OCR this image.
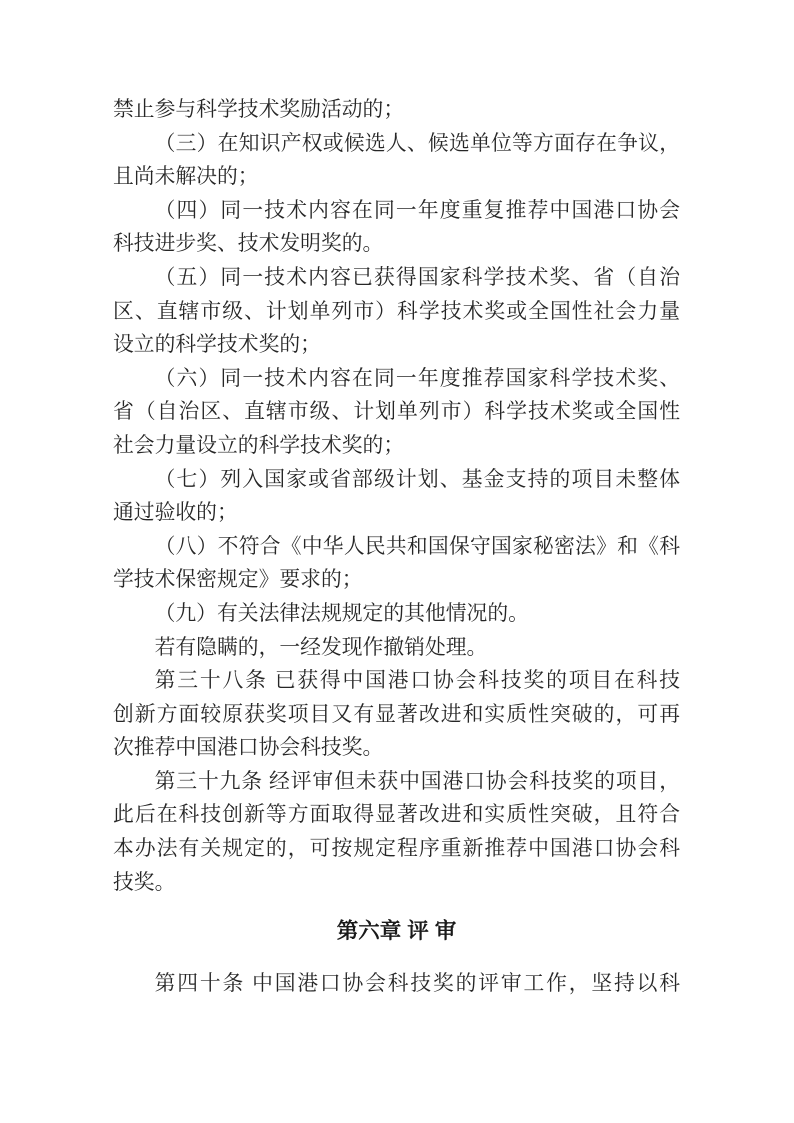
禁止参与科学技术奖励活动的；
（三）在知识产权或候选人、候选单位等方面存在争议，
且尚未解决的；
（四）同一技术内容在同一年度重复推荐中国港口协会
科技进步奖、技术发明奖的。
（五）同一技术内容已获得国家科学技术奖、省（自治
区、直辖市级、计划单列市）科学技术奖或全国性社会力量
设立的科学技术奖的；
（六）同一技术内容在同一年度推荐国家科学技术奖、
省（自治区、直辖市级、计划单列市）科学技术奖或全国性
社会力量设立的科学技术奖的；
（七）列入国家或省部级计划、基金支持的项目未整体
通过验收的；
（八）不符合《中华人民共和国保守国家秘密法》和《科
学技术保密规定》要求的；
（九）有关法律法规规定的其他情况的。
若有隐瞒的，一经发现作撤销处理。
第三十八条 已获得中国港口协会科技奖的项目在科技
创新方面较原获奖项目又有显著改进和实质性突破的，可再
次推荐中国港口协会科技奖。
第三十九条 经评审但未获中国港口协会科技奖的项目，
此后在科技创新等方面取得显著改进和实质性突破，且符合
本办法有关规定的，可按规定程序重新推荐中国港口协会科
技奖。
第六章 评 审
第四十条 中国港口协会科技奖的评审工作，坚持以科
